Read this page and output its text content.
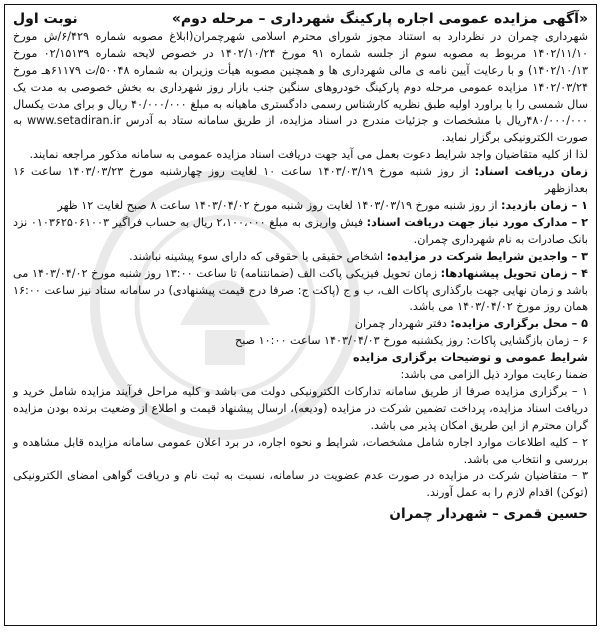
«آگهی مزایده عمومی اجاره پارکینگ شهرداری – مرحله دوم»
نوبت اول

شهرداری چمران در نظردارد به استناد مجوز شورای محترم اسلامی شهرچمران(ابلاغ مصوبه شماره ۶/۴۲۹/ش مورخ ۱۴۰۲/۱۱/۱۰ مربوط به مصوبه سوم از جلسه شماره ۹۱ مورخ ۱۴۰۲/۱۰/۲۴ در خصوص لایحه شماره ۰۲/۱۵۱۳۹ مورخ ۱۴۰۲/۱۰/۱۳) و با رعایت آیین نامه ی مالی شهرداری ها و همچنین مصوبه هیأت وزیران به شماره ۵۰۰۴۸/ت ۶۱۱۷۹هـ مورخ ۱۴۰۲/۰۳/۲۴ مزایده عمومی مرحله دوم پارکینگ خودروهای سنگین جنب بازار روز شهرداری به بخش خصوصی به مدت یک سال شمسی را با براورد اولیه طبق نظریه کارشناس رسمی دادگستری ماهیانه به مبلغ ۴۰/۰۰۰/۰۰۰ ریال و برای مدت یکسال ۴۸۰/۰۰۰/۰۰۰ریال با مشخصات و جزئیات مندرج در اسناد مزایده، از طریق سامانه ستاد به آدرس www.setadiran.ir به صورت الکترونیکی برگزار نماید.

لذا از کلیه متقاضیان واجد شرایط دعوت بعمل می آید جهت دریافت اسناد مزایده عمومی به سامانه مذکور مراجعه نمایند.

زمان دریافت اسناد: از روز شنبه مورخ ۱۴۰۳/۰۳/۱۹ ساعت ۱۰ لغایت روز چهارشنبه مورخ ۱۴۰۳/۰۳/۲۳ ساعت ۱۶ بعدازظهر

۱ – زمان بازدید: از روز شنبه مورخ ۱۴۰۳/۰۳/۱۹ لغایت روز شنبه مورخ ۱۴۰۳/۰۴/۰۲ ساعت ۸ صبح لغایت ۱۲ ظهر

۲ – مدارک مورد نیاز جهت دریافت اسناد: فیش واریزی به مبلغ ۲،۱۰۰،۰۰۰ ریال به حساب فراگیر ۰۱۰۳۶۲۵۰۶۱۰۰۳ نزد بانک صادرات به نام شهرداری چمران.

۳ – واجدین شرایط شرکت در مزایده: اشخاص حقیقی یا حقوقی که دارای سوء پیشینه نباشند.

۴ – زمان تحویل پیشنهادها: زمان تحویل فیزیکی پاکت الف (ضمانتنامه) تا ساعت ۱۳:۰۰ روز شنبه مورخ ۱۴۰۳/۰۴/۰۲ می باشد و زمان نهایی جهت بارگذاری پاکات الف، ب و ج (پاکت ج: صرفا درج قیمت پیشنهادی) در سامانه ستاد نیز ساعت ۱۶:۰۰ همان روز مورخ ۱۴۰۳/۰۴/۰۲ می باشد.

۵ – محل برگزاری مزایده: دفتر شهردار چمران

۶ – زمان بازگشایی پاکات: روز یکشنبه مورخ ۱۴۰۳/۰۴/۰۳ ساعت ۱۰:۰۰ صبح

شرایط عمومی و توضیحات برگزاری مزایده

ضمنا رعایت موارد ذیل الزامی می باشد:

۱ – برگزاری مزایده صرفا از طریق سامانه تدارکات الکترونیکی دولت می باشد و کلیه مراحل فرآیند مزایده شامل خرید و دریافت اسناد مزایده، پرداخت تضمین شرکت در مزایده (ودیعه)، ارسال پیشنهاد قیمت و اطلاع از وضعیت برنده بودن مزایده گران محترم از این طریق امکان پذیر می باشد.

۲ – کلیه اطلاعات موارد اجاره شامل مشخصات، شرایط و نحوه اجاره، در برد اعلان عمومی سامانه مزایده قابل مشاهده و بررسی و انتخاب می باشد.

۳ – متقاضیان شرکت در مزایده در صورت عدم عضویت در سامانه، نسبت به ثبت نام و دریافت گواهی امضای الکترونیکی (توکن) اقدام لازم را به عمل آورند.

حسین قمری – شهردار چمران
